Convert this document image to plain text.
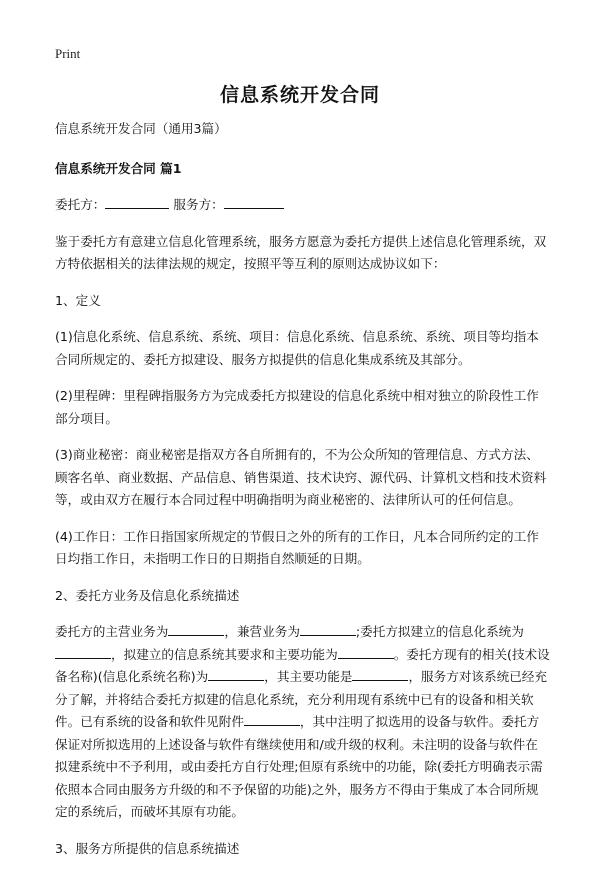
Print
信息系统开发合同

信息系统开发合同（通用3篇）

信息系统开发合同 篇1

委托方：	服务方：

鉴于委托方有意建立信息化管理系统，服务方愿意为委托方提供上述信息化管理系统，双方特依据相关的法律法规的规定，按照平等互利的原则达成协议如下：

1、定义

(1)信息化系统、信息系统、系统、项目：信息化系统、信息系统、系统、项目等均指本合同所规定的、委托方拟建设、服务方拟提供的信息化集成系统及其部分。

(2)里程碑：里程碑指服务方为完成委托方拟建设的信息化系统中相对独立的阶段性工作部分项目。

(3)商业秘密：商业秘密是指双方各自所拥有的，不为公众所知的管理信息、方式方法、顾客名单、商业数据、产品信息、销售渠道、技术诀窍、源代码、计算机文档和技术资料等，或由双方在履行本合同过程中明确指明为商业秘密的、法律所认可的任何信息。

(4)工作日：工作日指国家所规定的节假日之外的所有的工作日，凡本合同所约定的工作日均指工作日，未指明工作日的日期指自然顺延的日期。

2、委托方业务及信息化系统描述

委托方的主营业务为	，兼营业务为	;委托方拟建立的信息化系统为，拟建立的信息系统其要求和主要功能为	。委托方现有的相关(技术设备名称)(信息化系统名称)为	，其主要功能是	，服务方对该系统已经充分了解，并将结合委托方拟建的信息化系统，充分利用现有系统中已有的设备和相关软件。已有系统的设备和软件见附件	，其中注明了拟选用的设备与软件。委托方保证对所拟选用的上述设备与软件有继续使用和/或升级的权利。未注明的设备与软件在拟建系统中不予利用，或由委托方自行处理;但原有系统中的功能，除(委托方明确表示需依照本合同由服务方升级的和不予保留的功能)之外，服务方不得由于集成了本合同所规定的系统后，而破坏其原有功能。

3、服务方所提供的信息系统描述
